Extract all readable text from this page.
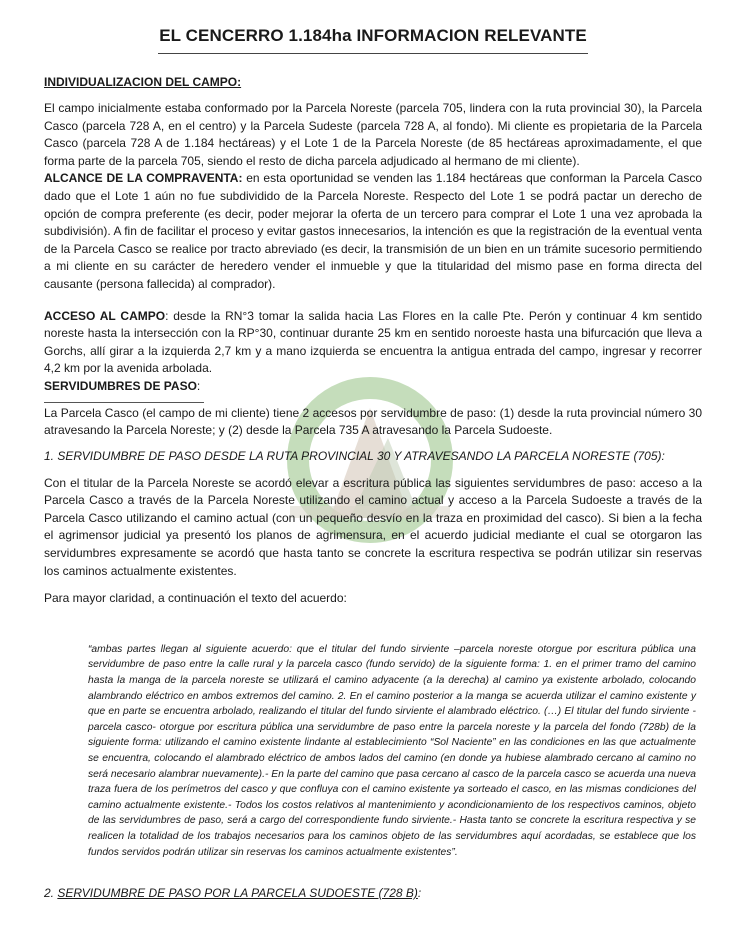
EL CENCERRO 1.184ha INFORMACION RELEVANTE
INDIVIDUALIZACION DEL CAMPO:

El campo inicialmente estaba conformado por la Parcela Noreste (parcela 705, lindera con la ruta provincial 30), la Parcela Casco (parcela 728 A, en el centro) y la Parcela Sudeste (parcela 728 A, al fondo). Mi cliente es propietaria de la Parcela Casco (parcela 728 A de 1.184 hectáreas) y el Lote 1 de la Parcela Noreste (de 85 hectáreas aproximadamente, el que forma parte de la parcela 705, siendo el resto de dicha parcela adjudicado al hermano de mi cliente).

ALCANCE DE LA COMPRAVENTA: en esta oportunidad se venden las 1.184 hectáreas que conforman la Parcela Casco dado que el Lote 1 aún no fue subdividido de la Parcela Noreste. Respecto del Lote 1 se podrá pactar un derecho de opción de compra preferente (es decir, poder mejorar la oferta de un tercero para comprar el Lote 1 una vez aprobada la subdivisión). A fin de facilitar el proceso y evitar gastos innecesarios, la intención es que la registración de la eventual venta de la Parcela Casco se realice por tracto abreviado (es decir, la transmisión de un bien en un trámite sucesorio permitiendo a mi cliente en su carácter de heredero vender el inmueble y que la titularidad del mismo pase en forma directa del causante (persona fallecida) al comprador).

ACCESO AL CAMPO: desde la RN°3 tomar la salida hacia Las Flores en la calle Pte. Perón y continuar 4 km sentido noreste hasta la intersección con la RP°30, continuar durante 25 km en sentido noroeste hasta una bifurcación que lleva a Gorchs, allí girar a la izquierda 2,7 km y a mano izquierda se encuentra la antigua entrada del campo, ingresar y recorrer 4,2 km por la avenida arbolada.

SERVIDUMBRES DE PASO:

La Parcela Casco (el campo de mi cliente) tiene 2 accesos por servidumbre de paso: (1) desde la ruta provincial número 30 atravesando la Parcela Noreste; y (2) desde la Parcela 735 A atravesando la Parcela Sudoeste.

1. SERVIDUMBRE DE PASO DESDE LA RUTA PROVINCIAL 30 Y ATRAVESANDO LA PARCELA NORESTE (705):

Con el titular de la Parcela Noreste se acordó elevar a escritura pública las siguientes servidumbres de paso: acceso a la Parcela Casco a través de la Parcela Noreste utilizando el camino actual y acceso a la Parcela Sudoeste a través de la Parcela Casco utilizando el camino actual (con un pequeño desvío en la traza en proximidad del casco). Si bien a la fecha el agrimensor judicial ya presentó los planos de agrimensura, en el acuerdo judicial mediante el cual se otorgaron las servidumbres expresamente se acordó que hasta tanto se concrete la escritura respectiva se podrán utilizar sin reservas los caminos actualmente existentes.

Para mayor claridad, a continuación el texto del acuerdo:

“ambas partes llegan al siguiente acuerdo: que el titular del fundo sirviente –parcela noreste otorgue por escritura pública una servidumbre de paso entre la calle rural y la parcela casco (fundo servido) de la siguiente forma: 1. en el primer tramo del camino hasta la manga de la parcela noreste se utilizará el camino adyacente (a la derecha) al camino ya existente arbolado, colocando alambrando eléctrico en ambos extremos del camino. 2. En el camino posterior a la manga se acuerda utilizar el camino existente y que en parte se encuentra arbolado, realizando el titular del fundo sirviente el alambrado eléctrico. (…) El titular del fundo sirviente -parcela casco- otorgue por escritura pública una servidumbre de paso entre la parcela noreste y la parcela del fondo (728b) de la siguiente forma: utilizando el camino existente lindante al establecimiento “Sol Naciente” en las condiciones en las que actualmente se encuentra, colocando el alambrado eléctrico de ambos lados del camino (en donde ya hubiese alambrado cercano al camino no será necesario alambrar nuevamente).- En la parte del camino que pasa cercano al casco de la parcela casco se acuerda una nueva traza fuera de los perímetros del casco y que confluya con el camino existente ya sorteado el casco, en las mismas condiciones del camino actualmente existente.- Todos los costos relativos al mantenimiento y acondicionamiento de los respectivos caminos, objeto de las servidumbres de paso, será a cargo del correspondiente fundo sirviente.- Hasta tanto se concrete la escritura respectiva y se realicen la totalidad de los trabajos necesarios para los caminos objeto de las servidumbres aquí acordadas, se establece que los fundos servidos podrán utilizar sin reservas los caminos actualmente existentes”.
2. SERVIDUMBRE DE PASO POR LA PARCELA SUDOESTE (728 B):
